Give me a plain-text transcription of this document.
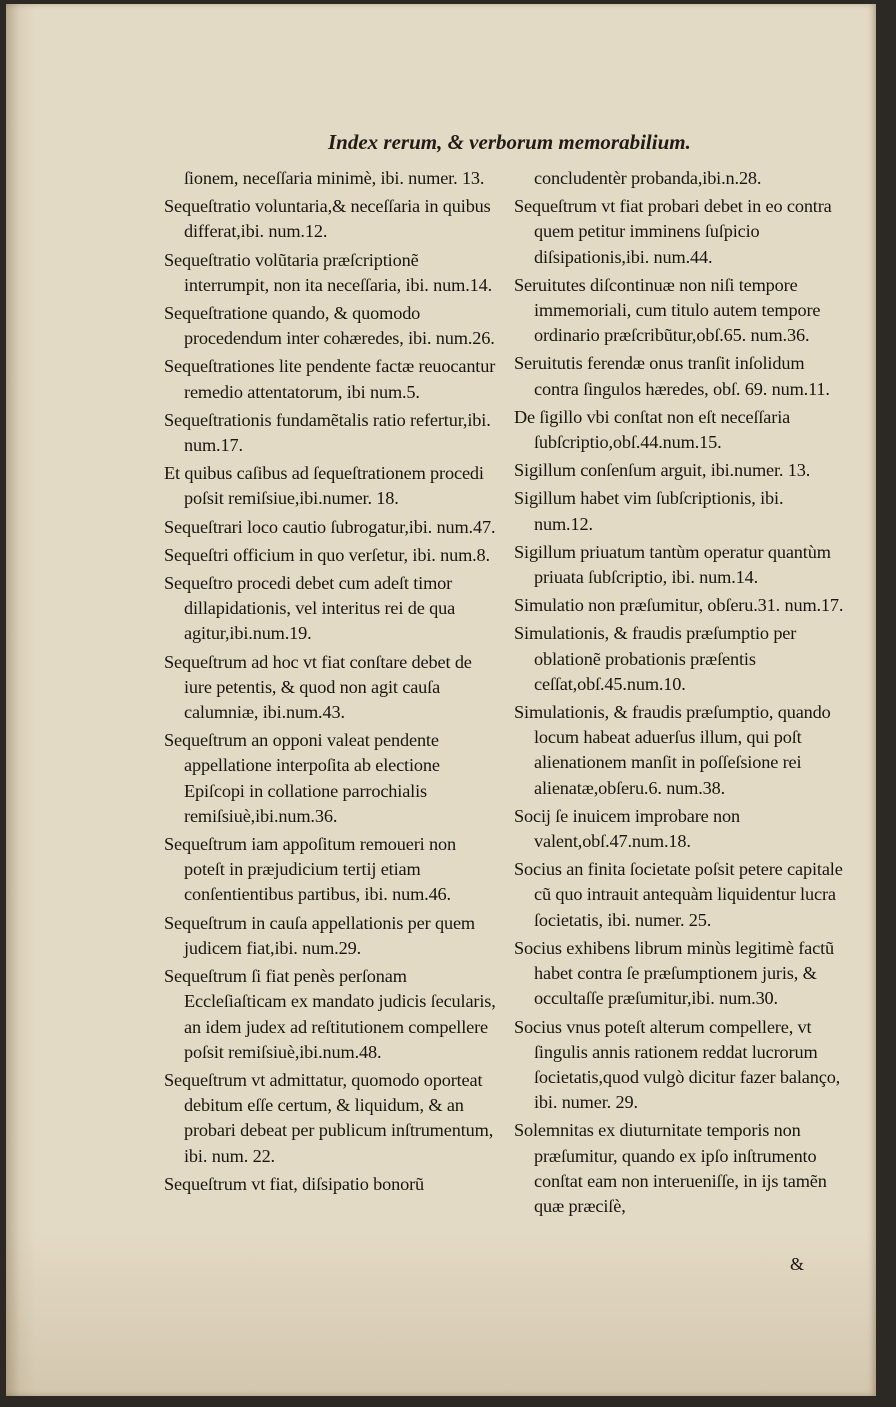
Index rerum, & verborum memorabilium.

ſionem, neceſſaria minimè, ibi. numer. 13.

Sequeſtratio voluntaria,& neceſſaria in quibus differat,ibi. num.12.

Sequeſtratio volũtaria præſcriptionẽ interrumpit, non ita neceſſaria, ibi. num.14.

Sequeſtratione quando, & quomodo procedendum inter cohæredes, ibi. num.26.

Sequeſtrationes lite pendente factæ reuocantur remedio attentatorum, ibi num.5.

Sequeſtrationis fundamẽtalis ratio refertur,ibi. num.17.

Et quibus caſibus ad ſequeſtrationem procedi poſsit remiſsiue,ibi.numer. 18.

Sequeſtrari loco cautio ſubrogatur,ibi. num.47.

Sequeſtri officium in quo verſetur, ibi. num.8.

Sequeſtro procedi debet cum adeſt timor dillapidationis, vel interitus rei de qua agitur,ibi.num.19.

Sequeſtrum ad hoc vt fiat conſtare debet de iure petentis, & quod non agit cauſa calumniæ, ibi.num.43.

Sequeſtrum an opponi valeat pendente appellatione interpoſita ab electione Epiſcopi in collatione parrochialis remiſsiuè,ibi.num.36.

Sequeſtrum iam appoſitum remoueri non poteſt in præjudicium tertij etiam conſentientibus partibus, ibi. num.46.

Sequeſtrum in cauſa appellationis per quem judicem fiat,ibi. num.29.

Sequeſtrum ſi fiat penès perſonam Eccleſiaſticam ex mandato judicis ſecularis, an idem judex ad reſtitutionem compellere poſsit remiſsiuè,ibi.num.48.

Sequeſtrum vt admittatur, quomodo oporteat debitum eſſe certum, & liquidum, & an probari debeat per publicum inſtrumentum, ibi. num. 22.

Sequeſtrum vt fiat, diſsipatio bonorũ

concludentèr probanda,ibi.n.28.

Sequeſtrum vt fiat probari debet in eo contra quem petitur imminens ſuſpicio diſsipationis,ibi. num.44.

Seruitutes diſcontinuæ non niſi tempore immemoriali, cum titulo autem tempore ordinario præſcribũtur,obſ.65. num.36.

Seruitutis ferendæ onus tranſit inſolidum contra ſingulos hæredes, obſ. 69. num.11.

De ſigillo vbi conſtat non eſt neceſſaria ſubſcriptio,obſ.44.num.15.

Sigillum conſenſum arguit, ibi.numer. 13.

Sigillum habet vim ſubſcriptionis, ibi. num.12.

Sigillum priuatum tantùm operatur quantùm priuata ſubſcriptio, ibi. num.14.

Simulatio non præſumitur, obſeru.31. num.17.

Simulationis, & fraudis præſumptio per oblationẽ probationis præſentis ceſſat,obſ.45.num.10.

Simulationis, & fraudis præſumptio, quando locum habeat aduerſus illum, qui poſt alienationem manſit in poſſeſsione rei alienatæ,obſeru.6. num.38.

Socij ſe inuicem improbare non valent,obſ.47.num.18.

Socius an finita ſocietate poſsit petere capitale cũ quo intrauit antequàm liquidentur lucra ſocietatis, ibi. numer. 25.

Socius exhibens librum minùs legitimè factũ habet contra ſe præſumptionem juris, & occultaſſe præſumitur,ibi. num.30.

Socius vnus poteſt alterum compellere, vt ſingulis annis rationem reddat lucrorum ſocietatis,quod vulgò dicitur fazer balanço, ibi. numer. 29.

Solemnitas ex diuturnitate temporis non præſumitur, quando ex ipſo inſtrumento conſtat eam non interueniſſe, in ijs tamẽn quæ præciſè,

&
